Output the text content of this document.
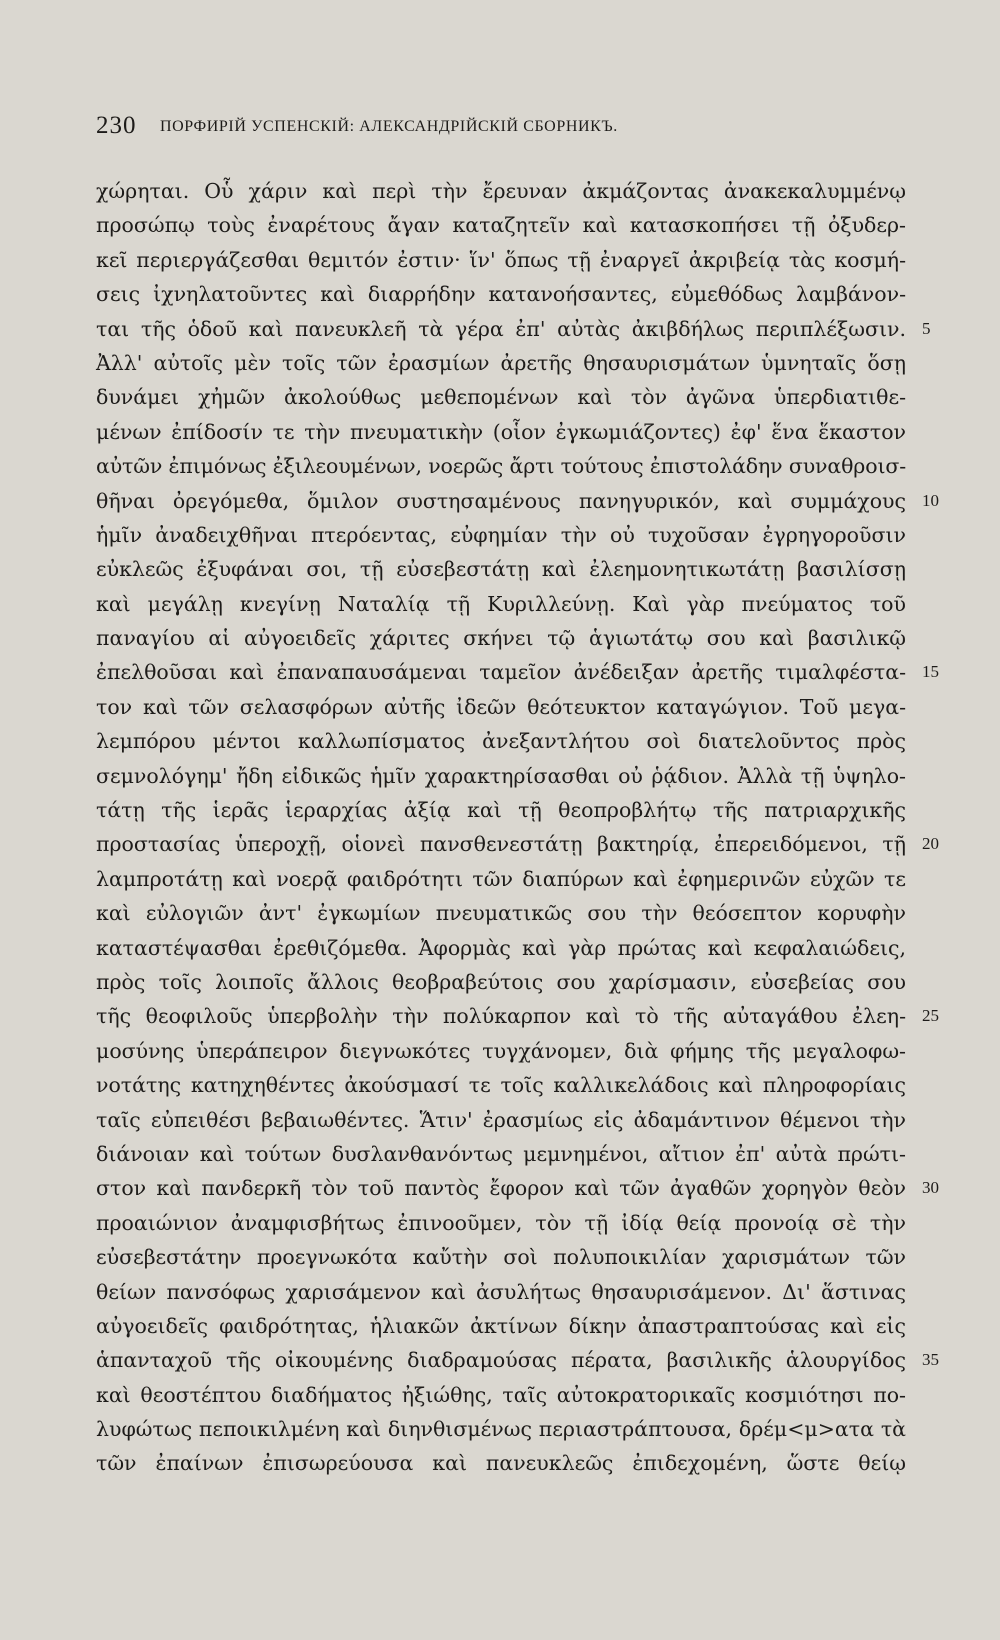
230 ПОРФИРІЙ УСПЕНСКІЙ: АЛЕКСАНДРІЙСКІЙ СБОРНИКЪ.
χώρηται. Οὗ χάριν καὶ περὶ τὴν ἔρευναν ἀκμάζοντας ἀνακεκαλυμμένῳ
προσώπῳ τοὺς ἐναρέτους ἄγαν καταζητεῖν καὶ κατασκοπήσει τῇ ὀξυδερ-
κεῖ περιεργάζεσθαι θεμιτόν ἐστιν· ἵν' ὅπως τῇ ἐναργεῖ ἀκριβείᾳ τὰς κοσμή-
σεις ἰχνηλατοῦντες καὶ διαρρήδην κατανοήσαντες, εὐμεθόδως λαμβάνον-
ται τῆς ὁδοῦ καὶ πανευκλεῆ τὰ γέρα ἐπ' αὐτὰς ἀκιβδήλως περιπλέξωσιν. 5
Ἀλλ' αὐτοῖς μὲν τοῖς τῶν ἐρασμίων ἀρετῆς θησαυρισμάτων ὑμνηταῖς ὅσῃ
δυνάμει χἠμῶν ἀκολούθως μεθεπομένων καὶ τὸν ἀγῶνα ὑπερδιατιθε-
μένων ἐπίδοσίν τε τὴν πνευματικὴν (οἷον ἐγκωμιάζοντες) ἐφ' ἕνα ἕκαστον
αὐτῶν ἐπιμόνως ἐξιλεουμένων, νοερῶς ἄρτι τούτους ἐπιστολάδην συναθροισ-
θῆναι ὀρεγόμεθα, ὅμιλον συστησαμένους πανηγυρικόν, καὶ συμμάχους 10
ἡμῖν ἀναδειχθῆναι πτερόεντας, εὐφημίαν τὴν οὐ τυχοῦσαν ἐγρηγοροῦσιν
εὐκλεῶς ἐξυφάναι σοι, τῇ εὐσεβεστάτῃ καὶ ἐλεημονητικωτάτῃ βασιλίσσῃ
καὶ μεγάλῃ κνεγίνῃ Ναταλίᾳ τῇ Κυριλλεύνῃ. Καὶ γὰρ πνεύματος τοῦ
παναγίου αἱ αὐγοειδεῖς χάριτες σκήνει τῷ ἁγιωτάτῳ σου καὶ βασιλικῷ
ἐπελθοῦσαι καὶ ἐπαναπαυσάμεναι ταμεῖον ἀνέδειξαν ἀρετῆς τιμαλφέστα- 15
τον καὶ τῶν σελασφόρων αὐτῆς ἰδεῶν θεότευκτον καταγώγιον. Τοῦ μεγα-
λεμπόρου μέντοι καλλωπίσματος ἀνεξαντλήτου σοὶ διατελοῦντος πρὸς
σεμνολόγημ' ἤδη εἰδικῶς ἡμῖν χαρακτηρίσασθαι οὐ ῥᾴδιον. Ἀλλὰ τῇ ὑψηλο-
τάτῃ τῆς ἱερᾶς ἱεραρχίας ἀξίᾳ καὶ τῇ θεοπροβλήτῳ τῆς πατριαρχικῆς
προστασίας ὑπεροχῇ, οἱονεὶ πανσθενεστάτῃ βακτηρίᾳ, ἐπερειδόμενοι, τῇ 20
λαμπροτάτῃ καὶ νοερᾷ φαιδρότητι τῶν διαπύρων καὶ ἐφημερινῶν εὐχῶν τε
καὶ εὐλογιῶν ἀντ' ἐγκωμίων πνευματικῶς σου τὴν θεόσεπτον κορυφὴν
καταστέψασθαι ἐρεθιζόμεθα. Ἀφορμὰς καὶ γὰρ πρώτας καὶ κεφαλαιώδεις,
πρὸς τοῖς λοιποῖς ἄλλοις θεοβραβεύτοις σου χαρίσμασιν, εὐσεβείας σου
τῆς θεοφιλοῦς ὑπερβολὴν τὴν πολύκαρπον καὶ τὸ τῆς αὐταγάθου ἐλεη- 25
μοσύνης ὑπεράπειρον διεγνωκότες τυγχάνομεν, διὰ φήμης τῆς μεγαλοφω-
νοτάτης κατηχηθέντες ἀκούσμασί τε τοῖς καλλικελάδοις καὶ πληροφορίαις
ταῖς εὐπειθέσι βεβαιωθέντες. Ἅτιν' ἐρασμίως εἰς ἀδαμάντινον θέμενοι τὴν
διάνοιαν καὶ τούτων δυσλανθανόντως μεμνημένοι, αἴτιον ἐπ' αὐτὰ πρώτι-
στον καὶ πανδερκῆ τὸν τοῦ παντὸς ἔφορον καὶ τῶν ἀγαθῶν χορηγὸν θεὸν 30
προαιώνιον ἀναμφισβήτως ἐπινοοῦμεν, τὸν τῇ ἰδίᾳ θείᾳ προνοίᾳ σὲ τὴν
εὐσεβεστάτην προεγνωκότα καὔτὴν σοὶ πολυποικιλίαν χαρισμάτων τῶν
θείων πανσόφως χαρισάμενον καὶ ἀσυλήτως θησαυρισάμενον. Δι' ἅστινας
αὐγοειδεῖς φαιδρότητας, ἡλιακῶν ἀκτίνων δίκην ἀπαστραπτούσας καὶ εἰς
ἁπανταχοῦ τῆς οἰκουμένης διαδραμούσας πέρατα, βασιλικῆς ἁλουργίδος 35
καὶ θεοστέπτου διαδήματος ἠξιώθης, ταῖς αὐτοκρατορικαῖς κοσμιότησι πο-
λυφώτως πεποικιλμένη καὶ διηνθισμένως περιαστράπτουσα, δρέμ<μ>ατα τὰ
τῶν ἐπαίνων ἐπισωρεύουσα καὶ πανευκλεῶς ἐπιδεχομένη, ὥστε θείῳ
